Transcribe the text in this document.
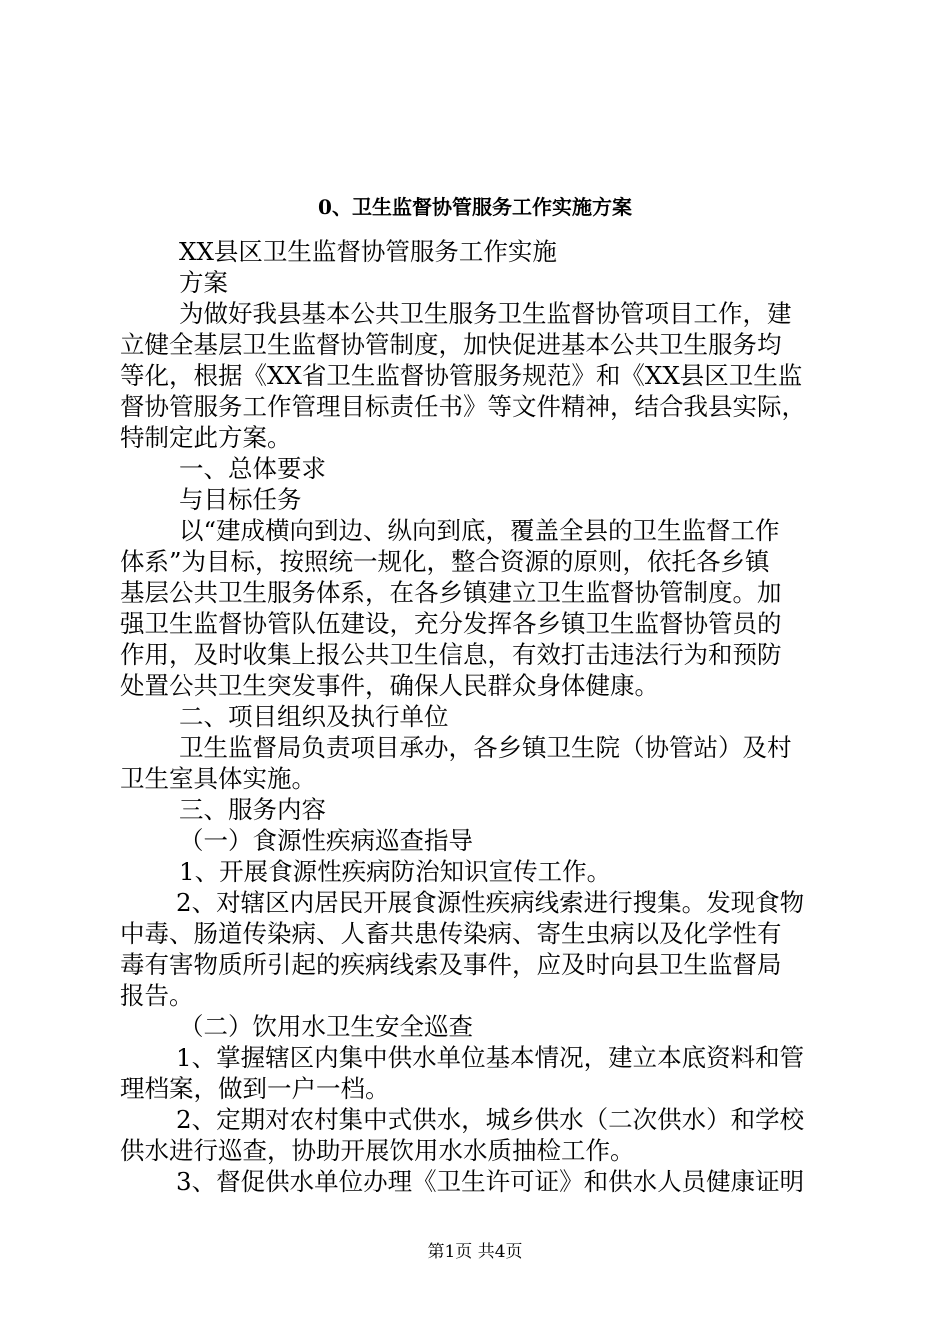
0、卫生监督协管服务工作实施方案
XX县区卫生监督协管服务工作实施
方案
为做好我县基本公共卫生服务卫生监督协管项目工作，建
立健全基层卫生监督协管制度，加快促进基本公共卫生服务均
等化，根据《XX省卫生监督协管服务规范》和《XX县区卫生监
督协管服务工作管理目标责任书》等文件精神，结合我县实际，
特制定此方案。
一、总体要求
与目标任务
以“建成横向到边、纵向到底，覆盖全县的卫生监督工作
体系”为目标，按照统一规化，整合资源的原则，依托各乡镇
基层公共卫生服务体系，在各乡镇建立卫生监督协管制度。加
强卫生监督协管队伍建设，充分发挥各乡镇卫生监督协管员的
作用，及时收集上报公共卫生信息，有效打击违法行为和预防
处置公共卫生突发事件，确保人民群众身体健康。
二、项目组织及执行单位
卫生监督局负责项目承办，各乡镇卫生院（协管站）及村
卫生室具体实施。
三、服务内容
（一）食源性疾病巡查指导
1、开展食源性疾病防治知识宣传工作。
2、对辖区内居民开展食源性疾病线索进行搜集。发现食物
中毒、肠道传染病、人畜共患传染病、寄生虫病以及化学性有
毒有害物质所引起的疾病线索及事件，应及时向县卫生监督局
报告。
（二）饮用水卫生安全巡查
1、掌握辖区内集中供水单位基本情况，建立本底资料和管
理档案，做到一户一档。
2、定期对农村集中式供水，城乡供水（二次供水）和学校
供水进行巡查，协助开展饮用水水质抽检工作。
3、督促供水单位办理《卫生许可证》和供水人员健康证明
第1页 共4页
